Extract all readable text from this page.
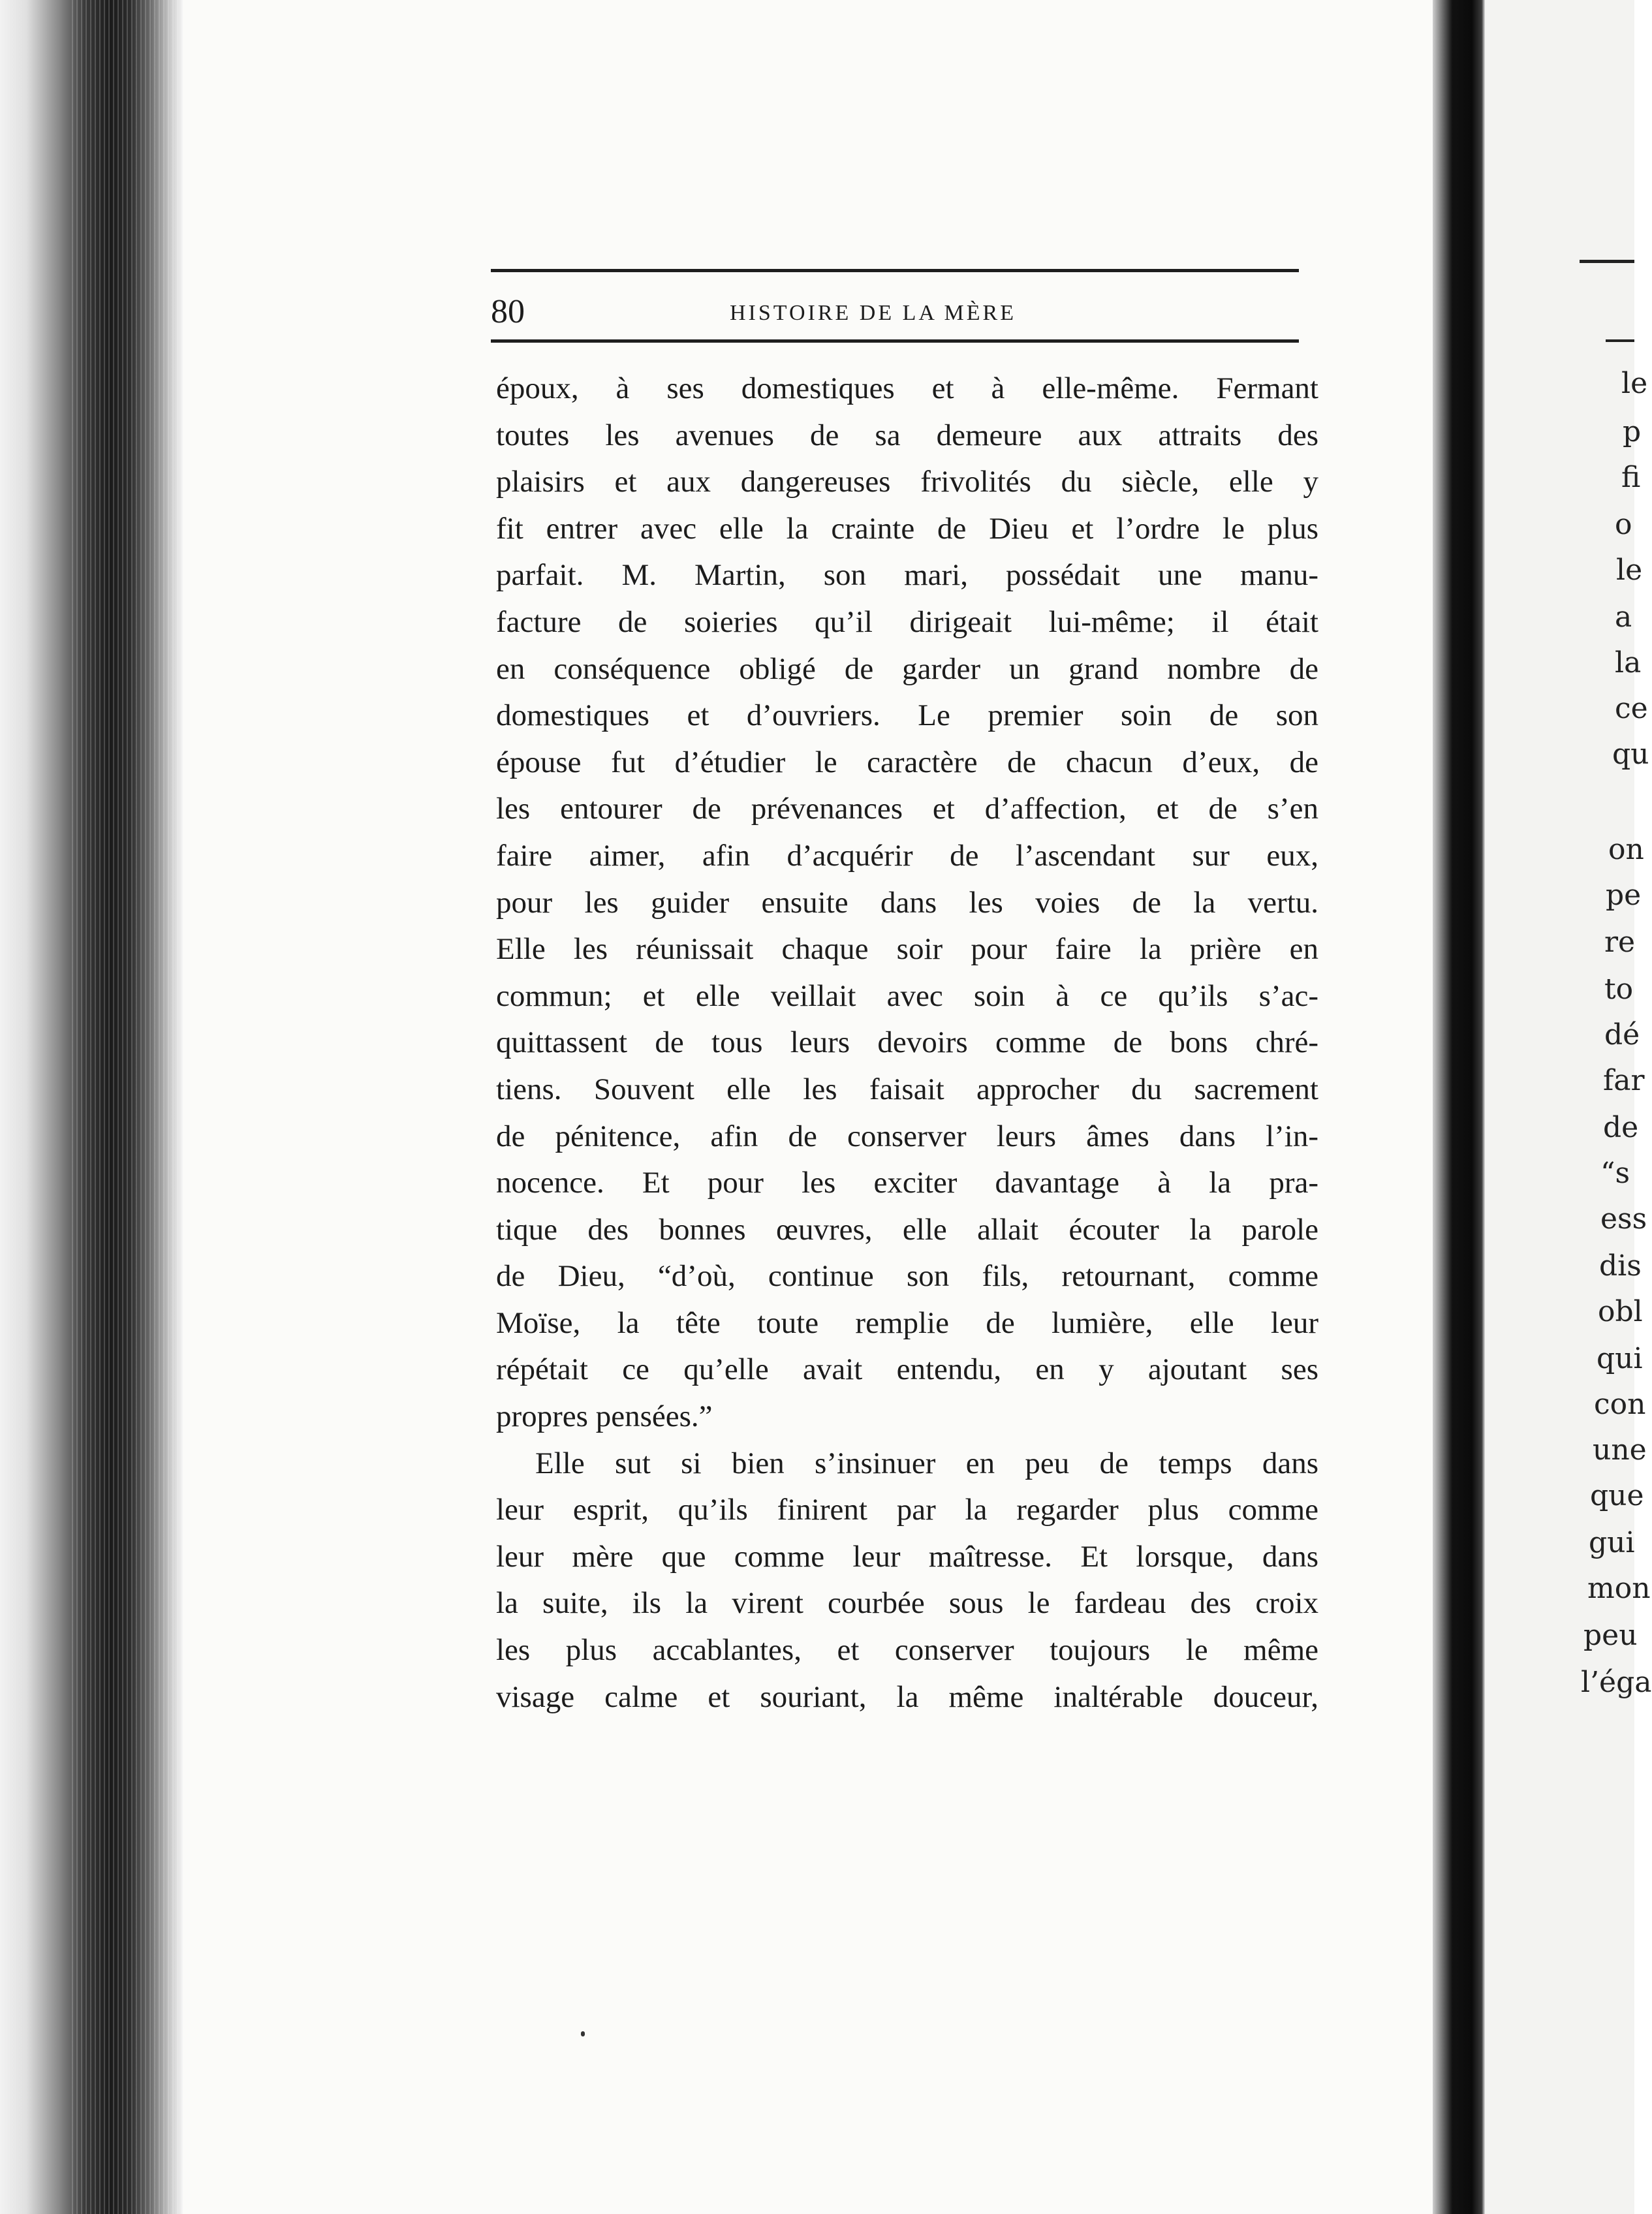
80	HISTOIRE DE LA MÈRE
époux, à ses domestiques et à elle-même. Fermant
toutes les avenues de sa demeure aux attraits des
plaisirs et aux dangereuses frivolités du siècle, elle y
fit entrer avec elle la crainte de Dieu et l’ordre le plus
parfait. M. Martin, son mari, possédait une manu-
facture de soieries qu’il dirigeait lui-même; il était
en conséquence obligé de garder un grand nombre de
domestiques et d’ouvriers. Le premier soin de son
épouse fut d’étudier le caractère de chacun d’eux, de
les entourer de prévenances et d’affection, et de s’en
faire aimer, afin d’acquérir de l’ascendant sur eux,
pour les guider ensuite dans les voies de la vertu.
Elle les réunissait chaque soir pour faire la prière en
commun; et elle veillait avec soin à ce qu’ils s’ac-
quittassent de tous leurs devoirs comme de bons chré-
tiens. Souvent elle les faisait approcher du sacrement
de pénitence, afin de conserver leurs âmes dans l’in-
nocence. Et pour les exciter davantage à la pra-
tique des bonnes œuvres, elle allait écouter la parole
de Dieu, “d’où, continue son fils, retournant, comme
Moïse, la tête toute remplie de lumière, elle leur
répétait ce qu’elle avait entendu, en y ajoutant ses
propres pensées.”
Elle sut si bien s’insinuer en peu de temps dans
leur esprit, qu’ils finirent par la regarder plus comme
leur mère que comme leur maîtresse. Et lorsque, dans
la suite, ils la virent courbée sous le fardeau des croix
les plus accablantes, et conserver toujours le même
visage calme et souriant, la même inaltérable douceur,
le
p
fi
o
le
a
la
ce
qu
on
pe
re
to
dé
far
de
“s
ess
dis
obl
qui
con
une
que
gui
mon
peu
l’éga
